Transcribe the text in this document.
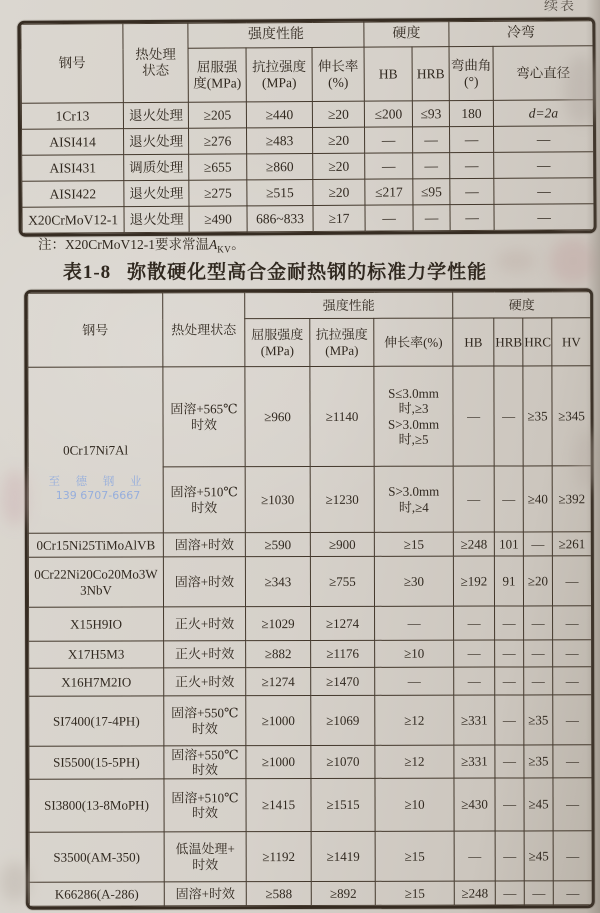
续表
钢号	热处理
状态	强度性能			硬度		冷弯	
		屈服强
度(MPa)	抗拉强度
(MPa)	伸长率
(%)	HB	HRB	弯曲角
(°)	弯心直径
1Cr13	退火处理	≥205	≥440	≥20	≤200	≤93	180	d=2a
AISI414	退火处理	≥276	≥483	≥20	—	—	—	—
AISI431	调质处理	≥655	≥860	≥20	—	—	—	—
AISI422	退火处理	≥275	≥515	≥20	≤217	≤95	—	—
X20CrMoV12-1	退火处理	≥490	686~833	≥17	—	—	—	—

注：X20CrMoV12-1要求常温$A_{KV}$。

表1-8 弥散硬化型高合金耐热钢的标准力学性能
钢号	热处理状态	强度性能			硬度			
		屈服强度
(MPa)	抗拉强度
(MPa)	伸长率(%)	HB	HRB	HRC	HV
0Cr17Ni7Al	固溶+565℃
时效	≥960	≥1140	S≤3.0mm
时,≥3
S>3.0mm
时,≥5	—	—	≥35	≥345
	固溶+510℃
时效	≥1030	≥1230	S>3.0mm
时,≥4	—	—	≥40	≥392
0Cr15Ni25TiMoAlVB	固溶+时效	≥590	≥900	≥15	≥248	101	—	≥261
0Cr22Ni20Co20Mo3W
3NbV	固溶+时效	≥343	≥755	≥30	≥192	91	≥20	—
X15H9IO	正火+时效	≥1029	≥1274	—	—	—	—	—
X17H5M3	正火+时效	≥882	≥1176	≥10	—	—	—	—
X16H7M2IO	正火+时效	≥1274	≥1470	—	—	—	—	—
SI7400(17-4PH)	固溶+550℃
时效	≥1000	≥1069	≥12	≥331	—	≥35	—
SI5500(15-5PH)	固溶+550℃
时效	≥1000	≥1070	≥12	≥331	—	≥35	—
SI3800(13-8MoPH)	固溶+510℃
时效	≥1415	≥1515	≥10	≥430	—	≥45	—
S3500(AM-350)	低温处理+
时效	≥1192	≥1419	≥15	—	—	≥45	—
K66286(A-286)	固溶+时效	≥588	≥892	≥15	≥248	—	—	—
至 德 钢 业
139 6707-6667
